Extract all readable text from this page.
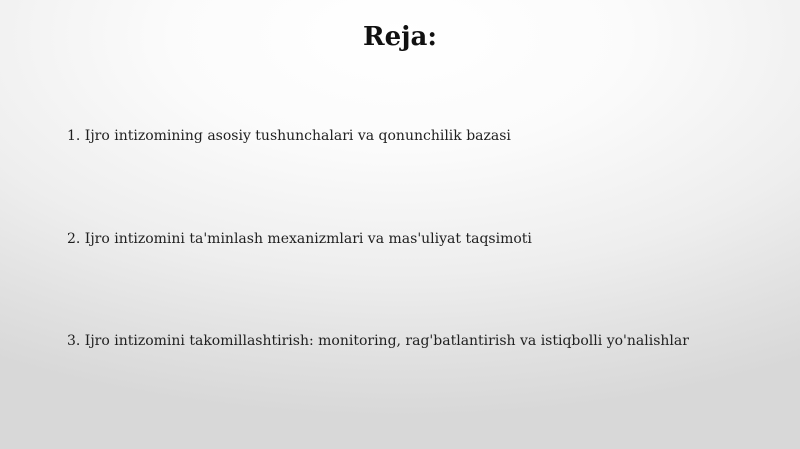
Reja:
1. Ijro intizomining asosiy tushunchalari va qonunchilik bazasi
2. Ijro intizomini ta'minlash mexanizmlari va mas'uliyat taqsimoti
3. Ijro intizomini takomillashtirish: monitoring, rag'batlantirish va istiqbolli yo'nalishlar
